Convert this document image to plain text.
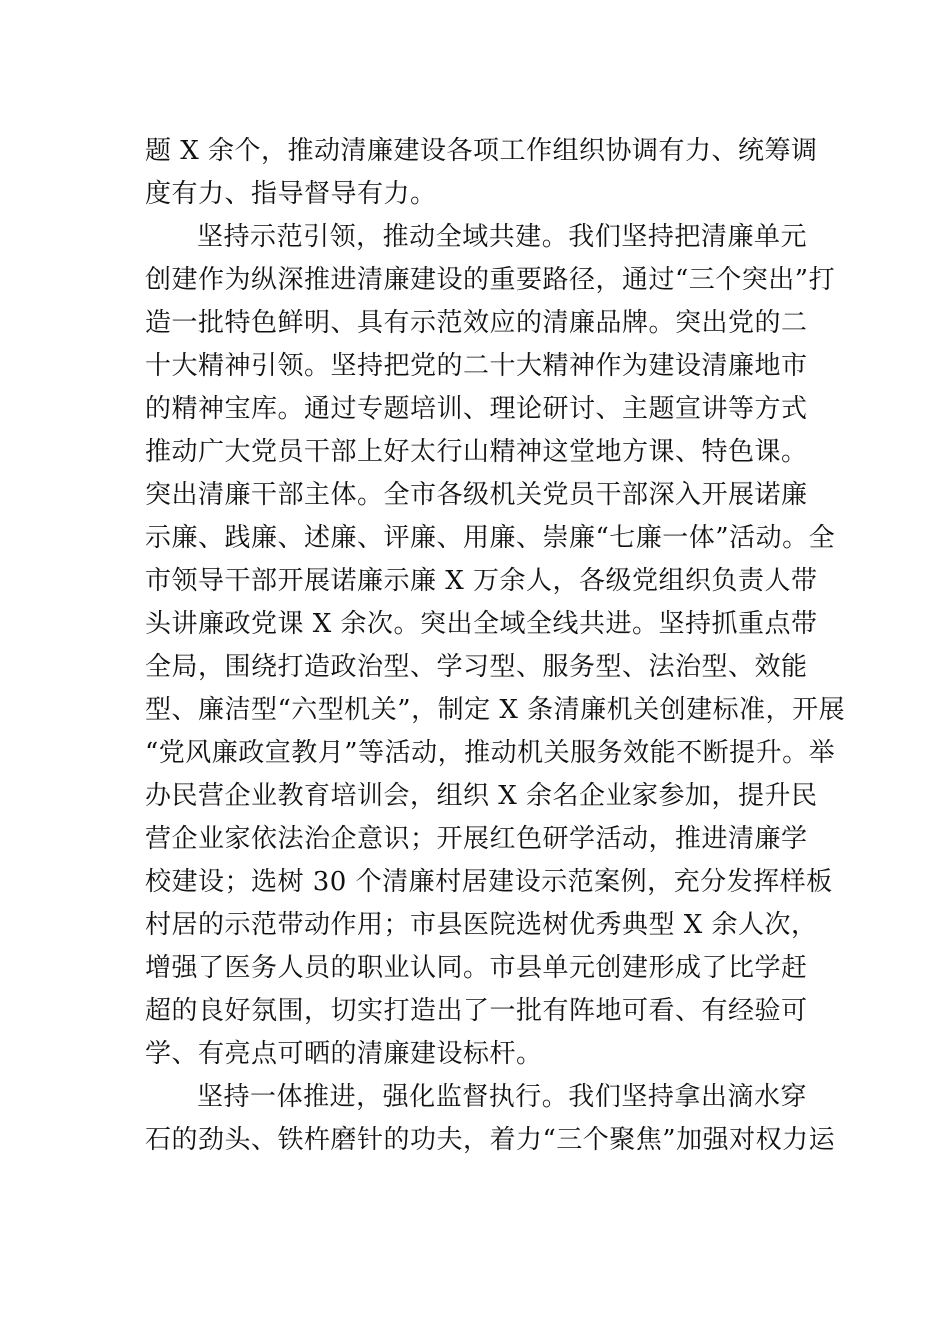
题 X 余个，推动清廉建设各项工作组织协调有力、统筹调
度有力、指导督导有力。
坚持示范引领，推动全域共建。我们坚持把清廉单元
创建作为纵深推进清廉建设的重要路径，通过“三个突出”打
造一批特色鲜明、具有示范效应的清廉品牌。突出党的二
十大精神引领。坚持把党的二十大精神作为建设清廉地市
的精神宝库。通过专题培训、理论研讨、主题宣讲等方式
推动广大党员干部上好太行山精神这堂地方课、特色课。
突出清廉干部主体。全市各级机关党员干部深入开展诺廉
示廉、践廉、述廉、评廉、用廉、崇廉“七廉一体”活动。全
市领导干部开展诺廉示廉 X 万余人，各级党组织负责人带
头讲廉政党课 X 余次。突出全域全线共进。坚持抓重点带
全局，围绕打造政治型、学习型、服务型、法治型、效能
型、廉洁型“六型机关”，制定 X 条清廉机关创建标准，开展
“党风廉政宣教月”等活动，推动机关服务效能不断提升。举
办民营企业教育培训会，组织 X 余名企业家参加，提升民
营企业家依法治企意识；开展红色研学活动，推进清廉学
校建设；选树 30 个清廉村居建设示范案例，充分发挥样板
村居的示范带动作用；市县医院选树优秀典型 X 余人次，
增强了医务人员的职业认同。市县单元创建形成了比学赶
超的良好氛围，切实打造出了一批有阵地可看、有经验可
学、有亮点可晒的清廉建设标杆。
坚持一体推进，强化监督执行。我们坚持拿出滴水穿
石的劲头、铁杵磨针的功夫，着力“三个聚焦”加强对权力运
